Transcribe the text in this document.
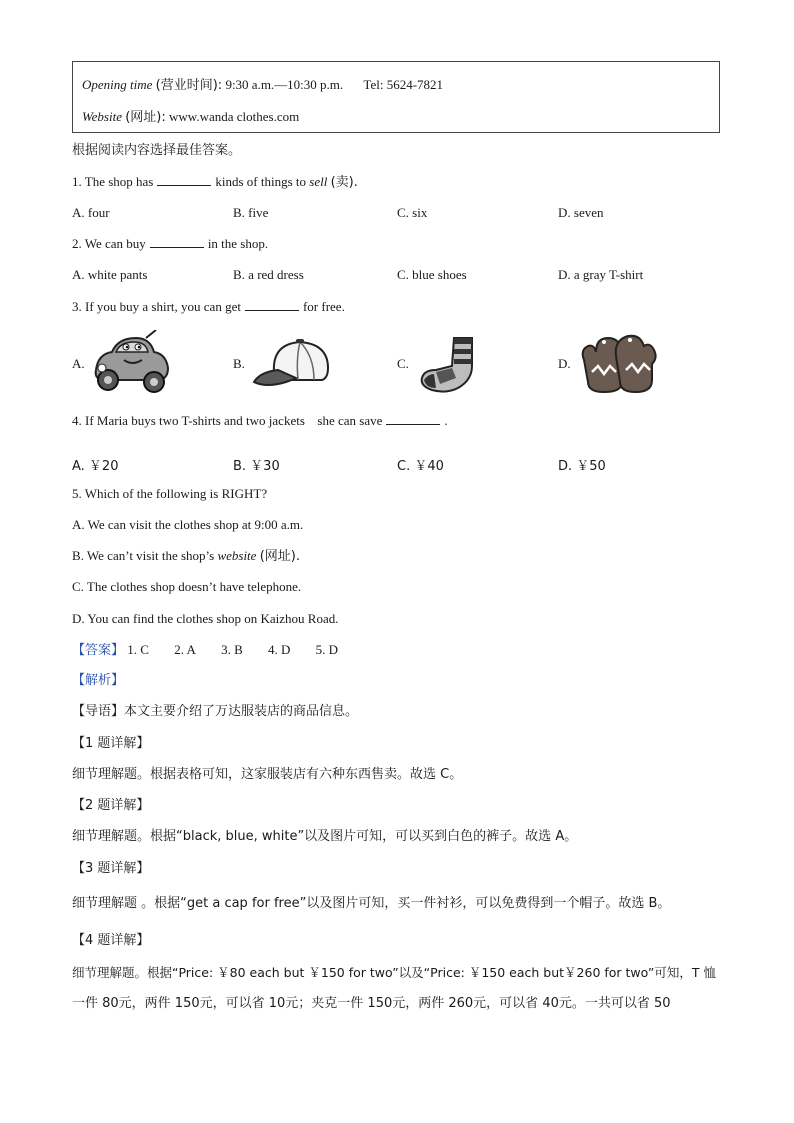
Opening time (营业时间): 9:30 a.m.—10:30 p.m. Tel: 5624-7821
Website (网址): www.wanda clothes.com
根据阅读内容选择最佳答案。
1. The shop has	kinds of things to sell (卖).
A. four	B. five	C. six	D. seven
2. We can buy	in the shop.
A. white pants	B. a red dress	C. blue shoes	D. a gray T-shirt
3. If you buy a shirt, you can get	for free.
A.	B.	C.	D.
4. If Maria buys two T-shirts and two jackets she can save	.
A. ￥20	B. ￥30	C. ￥40	D. ￥50
5. Which of the following is RIGHT?
A. We can visit the clothes shop at 9:00 a.m.
B. We can’t visit the shop’s website (网址).
C. The clothes shop doesn’t have telephone.
D. You can find the clothes shop on Kaizhou Road.
【答案】 1. C 2. A 3. B 4. D 5. D
【解析】
【导语】本文主要介绍了万达服装店的商品信息。
【1 题详解】
细节理解题。根据表格可知，这家服装店有六种东西售卖。故选 C。
【2 题详解】
细节理解题。根据“black, blue, white”以及图片可知，可以买到白色的裤子。故选 A。
【3 题详解】
细节理解题 。根据“get a cap for free”以及图片可知，买一件衬衫，可以免费得到一个帽子。故选 B。
【4 题详解】
细节理解题。根据“Price: ￥80 each but ￥150 for two”以及“Price: ￥150 each but￥260 for two”可知，T 恤
一件 80元，两件 150元，可以省 10元；夹克一件 150元，两件 260元，可以省 40元。一共可以省 50
